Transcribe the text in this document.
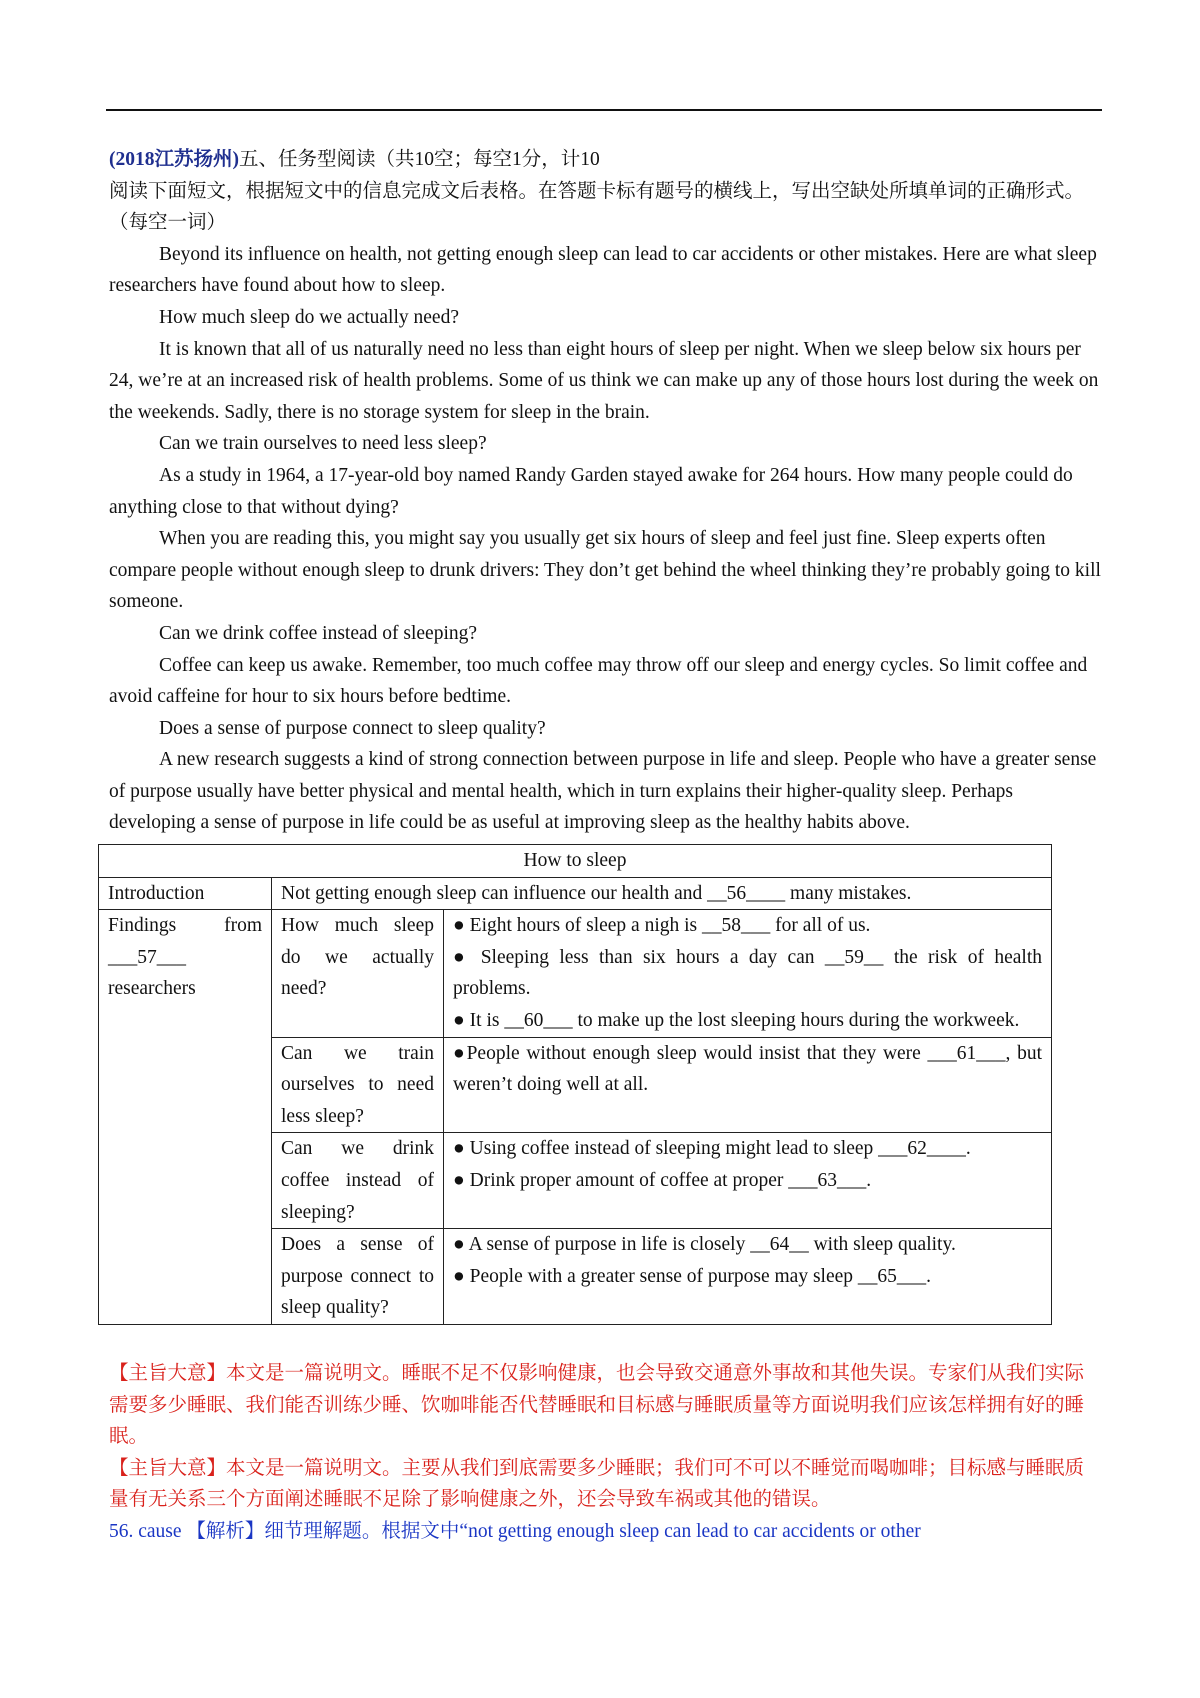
(2018江苏扬州)五、任务型阅读（共10空；每空1分，计10

阅读下面短文，根据短文中的信息完成文后表格。在答题卡标有题号的横线上，写出空缺处所填单词的正确形式。（每空一词）

Beyond its influence on health, not getting enough sleep can lead to car accidents or other mistakes. Here are what sleep researchers have found about how to sleep.

How much sleep do we actually need?

It is known that all of us naturally need no less than eight hours of sleep per night. When we sleep below six hours per 24, we’re at an increased risk of health problems. Some of us think we can make up any of those hours lost during the week on the weekends. Sadly, there is no storage system for sleep in the brain.

Can we train ourselves to need less sleep?

As a study in 1964, a 17-year-old boy named Randy Garden stayed awake for 264 hours. How many people could do anything close to that without dying?

When you are reading this, you might say you usually get six hours of sleep and feel just fine. Sleep experts often compare people without enough sleep to drunk drivers: They don’t get behind the wheel thinking they’re probably going to kill someone.

Can we drink coffee instead of sleeping?

Coffee can keep us awake. Remember, too much coffee may throw off our sleep and energy cycles. So limit coffee and avoid caffeine for hour to six hours before bedtime.

Does a sense of purpose connect to sleep quality?

A new research suggests a kind of strong connection between purpose in life and sleep. People who have a greater sense of purpose usually have better physical and mental health, which in turn explains their higher-quality sleep. Perhaps developing a sense of purpose in life could be as useful at improving sleep as the healthy habits above.

How to sleep		
Introduction	Not getting enough sleep can influence our health and __56____ many mistakes.	
Findings from ___57___ researchers	How much sleep do we actually need?	● Eight hours of sleep a nigh is __58___ for all of us.
● Sleeping less than six hours a day can __59__ the risk of health problems.
● It is __60___ to make up the lost sleeping hours during the workweek.

	Can we train ourselves to need less sleep?	●People without enough sleep would insist that they were ___61___, but weren’t doing well at all.

	Can we drink coffee instead of sleeping?	● Using coffee instead of sleeping might lead to sleep ___62____.
● Drink proper amount of coffee at proper ___63___.

	Does a sense of purpose connect to sleep quality?	● A sense of purpose in life is closely __64__ with sleep quality.
● People with a greater sense of purpose may sleep __65___.

【主旨大意】本文是一篇说明文。睡眠不足不仅影响健康，也会导致交通意外事故和其他失误。专家们从我们实际需要多少睡眠、我们能否训练少睡、饮咖啡能否代替睡眠和目标感与睡眠质量等方面说明我们应该怎样拥有好的睡眠。

【主旨大意】本文是一篇说明文。主要从我们到底需要多少睡眠；我们可不可以不睡觉而喝咖啡；目标感与睡眠质量有无关系三个方面阐述睡眠不足除了影响健康之外，还会导致车祸或其他的错误。

56. cause 【解析】细节理解题。根据文中“not getting enough sleep can lead to car accidents or other
